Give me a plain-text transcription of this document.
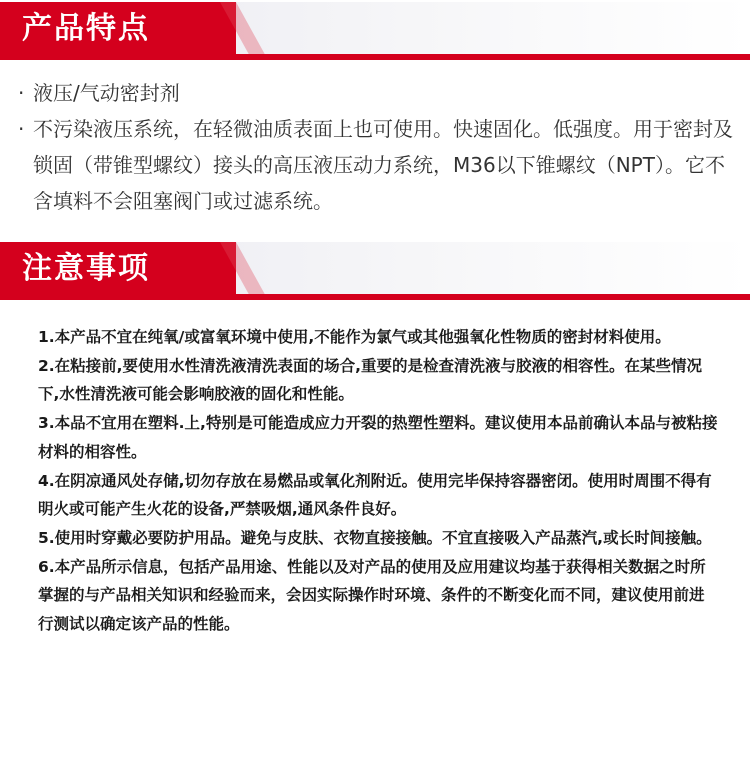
产品特点
· 液压/气动密封剂
· 不污染液压系统，在轻微油质表面上也可使用。快速固化。低强度。用于密封及锁固（带锥型螺纹）接头的高压液压动力系统，M36以下锥螺纹（NPT）。它不含填料不会阻塞阀门或过滤系统。
注意事项

1.本产品不宜在纯氧/或富氧环境中使用,不能作为氯气或其他强氧化性物质的密封材料使用。

2.在粘接前,要使用水性清洗液清洗表面的场合,重要的是检查清洗液与胶液的相容性。在某些情况下,水性清洗液可能会影响胶液的固化和性能。

3.本品不宜用在塑料.上,特别是可能造成应力开裂的热塑性塑料。建议使用本品前确认本品与被粘接材料的相容性。

4.在阴凉通风处存储,切勿存放在易燃品或氧化剂附近。使用完毕保持容器密闭。使用时周围不得有明火或可能产生火花的设备,严禁吸烟,通风条件良好。

5.使用时穿戴必要防护用品。避免与皮肤、衣物直接接触。不宜直接吸入产品蒸汽,或长时间接触。

6.本产品所示信息，包括产品用途、性能以及对产品的使用及应用建议均基于获得相关数据之时所掌握的与产品相关知识和经验而来，会因实际操作时环境、条件的不断变化而不同，建议使用前进行测试以确定该产品的性能。
